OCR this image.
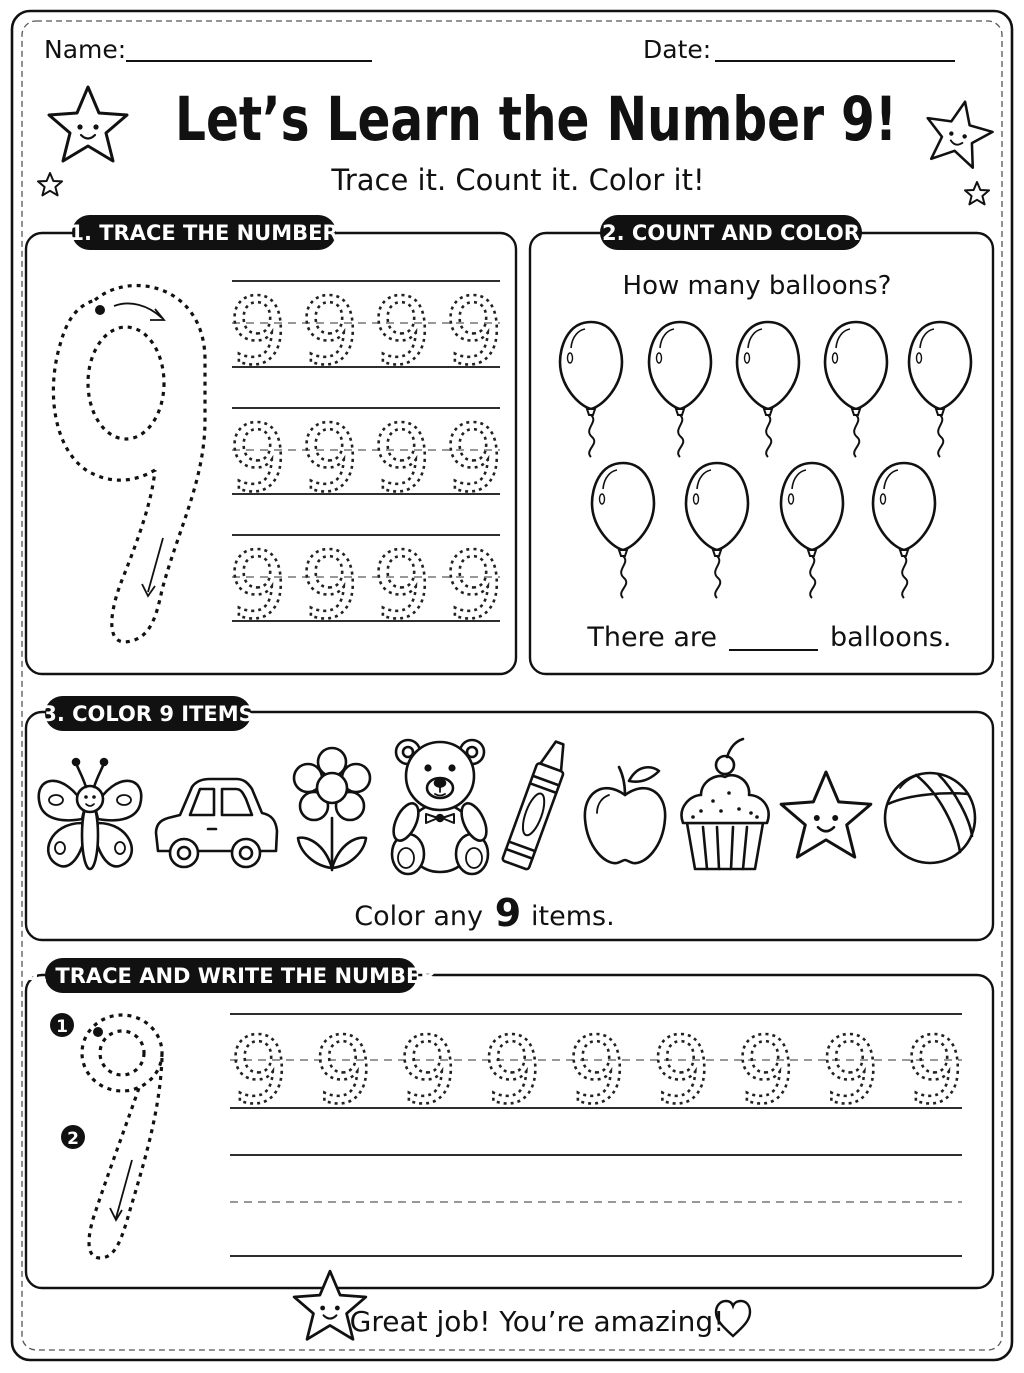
Name:	Date:
Let’s Learn the Number 9!
Trace it. Count it. Color it!
1. TRACE THE NUMBER
9 9 9 9
9 9 9 9
9 9 9 9
2. COUNT AND COLOR
How many balloons?
There are	balloons.
3. COLOR 9 ITEMS
Color any 9 items.
4. TRACE AND WRITE THE NUMBER
1
2
9 9 9 9 9 9 9 9 9
Great job! You’re amazing!
